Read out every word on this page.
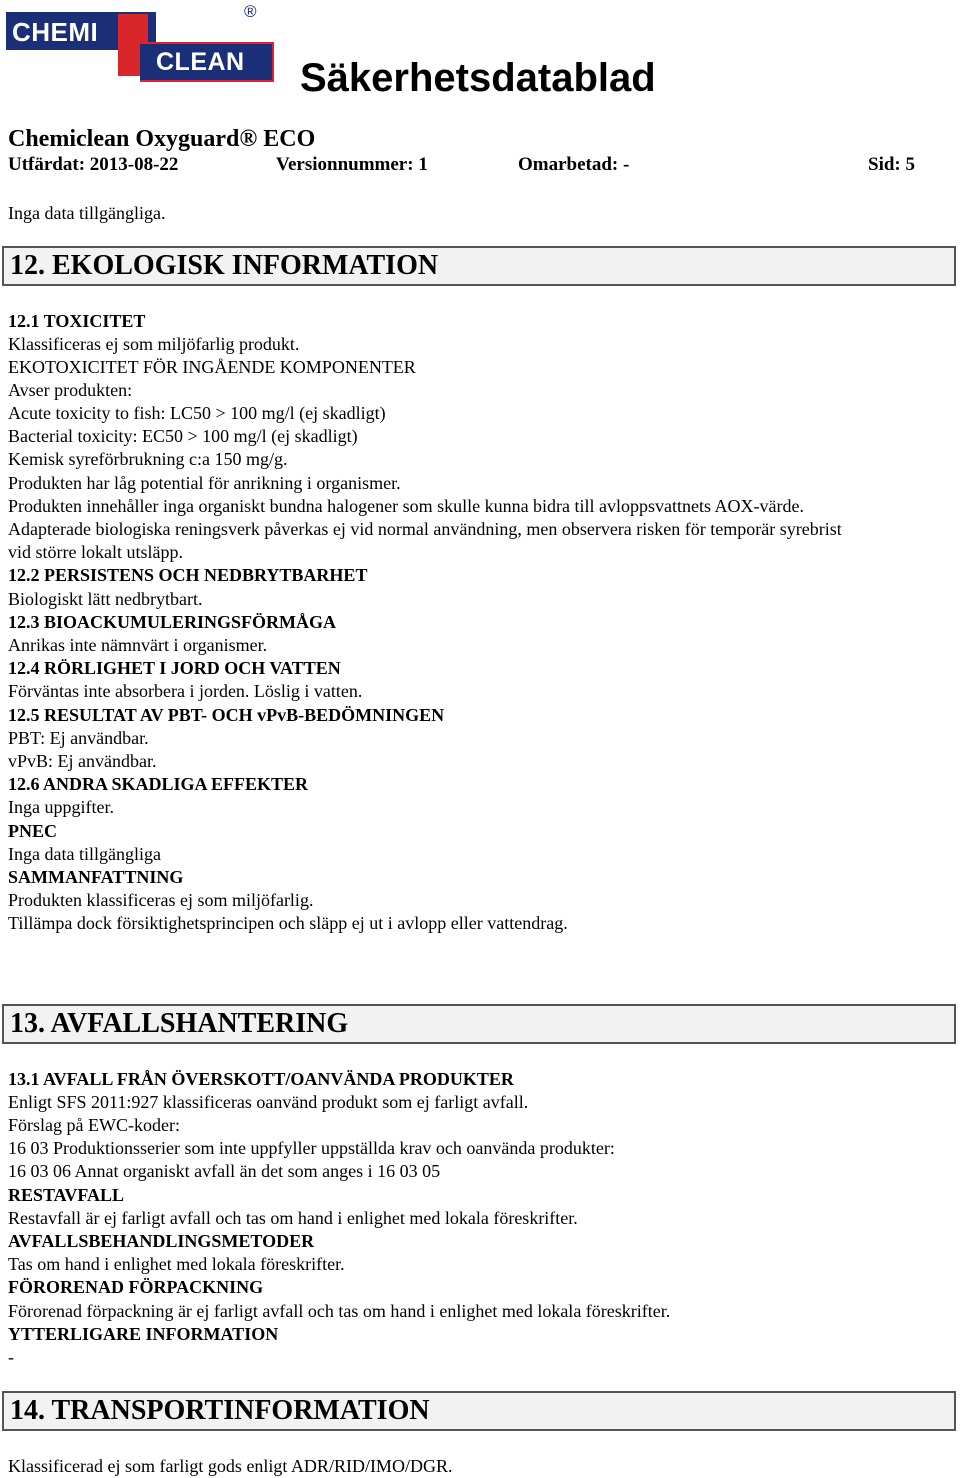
CHEMI
CLEAN
®
Säkerhetsdatablad
Chemiclean Oxyguard® ECO
Utfärdat: 2013-08-22	Versionnummer: 1	Omarbetad: -	Sid: 5
Inga data tillgängliga.
12. EKOLOGISK INFORMATION
12.1 TOXICITET
Klassificeras ej som miljöfarlig produkt.
EKOTOXICITET FÖR INGÅENDE KOMPONENTER
Avser produkten:
Acute toxicity to fish: LC50 > 100 mg/l (ej skadligt)
Bacterial toxicity: EC50 > 100 mg/l (ej skadligt)
Kemisk syreförbrukning c:a 150 mg/g.
Produkten har låg potential för anrikning i organismer.
Produkten innehåller inga organiskt bundna halogener som skulle kunna bidra till avloppsvattnets AOX-värde.
Adapterade biologiska reningsverk påverkas ej vid normal användning, men observera risken för temporär syrebrist
vid större lokalt utsläpp.
12.2 PERSISTENS OCH NEDBRYTBARHET
Biologiskt lätt nedbrytbart.
12.3 BIOACKUMULERINGSFÖRMÅGA
Anrikas inte nämnvärt i organismer.
12.4 RÖRLIGHET I JORD OCH VATTEN
Förväntas inte absorbera i jorden. Löslig i vatten.
12.5 RESULTAT AV PBT- OCH vPvB-BEDÖMNINGEN
PBT: Ej användbar.
vPvB: Ej användbar.
12.6 ANDRA SKADLIGA EFFEKTER
Inga uppgifter.
PNEC
Inga data tillgängliga
SAMMANFATTNING
Produkten klassificeras ej som miljöfarlig.
Tillämpa dock försiktighetsprincipen och släpp ej ut i avlopp eller vattendrag.
13. AVFALLSHANTERING
13.1 AVFALL FRÅN ÖVERSKOTT/OANVÄNDA PRODUKTER
Enligt SFS 2011:927 klassificeras oanvänd produkt som ej farligt avfall.
Förslag på EWC-koder:
16 03 Produktionsserier som inte uppfyller uppställda krav och oanvända produkter:
16 03 06 Annat organiskt avfall än det som anges i 16 03 05
RESTAVFALL
Restavfall är ej farligt avfall och tas om hand i enlighet med lokala föreskrifter.
AVFALLSBEHANDLINGSMETODER
Tas om hand i enlighet med lokala föreskrifter.
FÖRORENAD FÖRPACKNING
Förorenad förpackning är ej farligt avfall och tas om hand i enlighet med lokala föreskrifter.
YTTERLIGARE INFORMATION
-
14. TRANSPORTINFORMATION
Klassificerad ej som farligt gods enligt ADR/RID/IMO/DGR.
